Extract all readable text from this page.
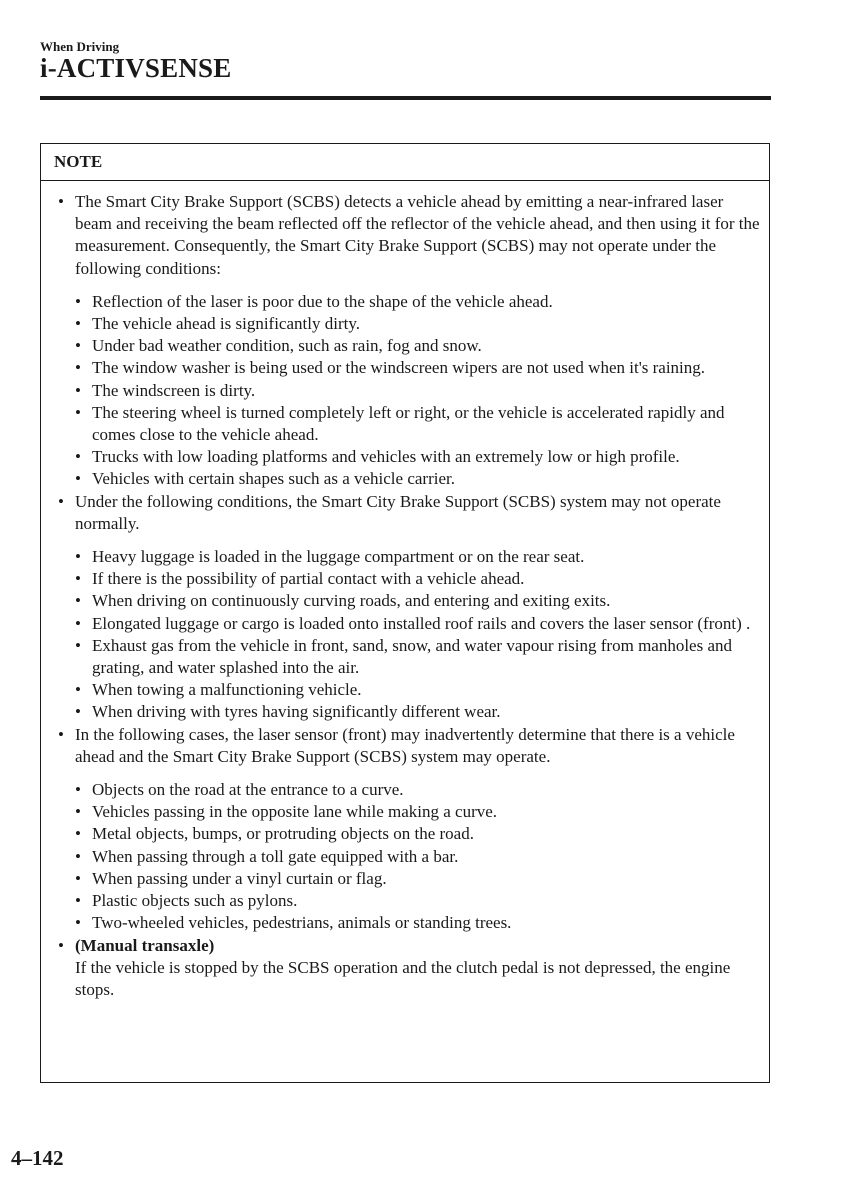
When Driving
i-ACTIVSENSE
NOTE
• The Smart City Brake Support (SCBS) detects a vehicle ahead by emitting a near-infrared laser beam and receiving the beam reflected off the reflector of the vehicle ahead, and then using it for the measurement. Consequently, the Smart City Brake Support (SCBS) may not operate under the following conditions:
• Reflection of the laser is poor due to the shape of the vehicle ahead.
• The vehicle ahead is significantly dirty.
• Under bad weather condition, such as rain, fog and snow.
• The window washer is being used or the windscreen wipers are not used when it's raining.
• The windscreen is dirty.
• The steering wheel is turned completely left or right, or the vehicle is accelerated rapidly and comes close to the vehicle ahead.
• Trucks with low loading platforms and vehicles with an extremely low or high profile.
• Vehicles with certain shapes such as a vehicle carrier.
• Under the following conditions, the Smart City Brake Support (SCBS) system may not operate normally.
• Heavy luggage is loaded in the luggage compartment or on the rear seat.
• If there is the possibility of partial contact with a vehicle ahead.
• When driving on continuously curving roads, and entering and exiting exits.
• Elongated luggage or cargo is loaded onto installed roof rails and covers the laser sensor (front) .
• Exhaust gas from the vehicle in front, sand, snow, and water vapour rising from manholes and grating, and water splashed into the air.
• When towing a malfunctioning vehicle.
• When driving with tyres having significantly different wear.
• In the following cases, the laser sensor (front) may inadvertently determine that there is a vehicle ahead and the Smart City Brake Support (SCBS) system may operate.
• Objects on the road at the entrance to a curve.
• Vehicles passing in the opposite lane while making a curve.
• Metal objects, bumps, or protruding objects on the road.
• When passing through a toll gate equipped with a bar.
• When passing under a vinyl curtain or flag.
• Plastic objects such as pylons.
• Two-wheeled vehicles, pedestrians, animals or standing trees.
• (Manual transaxle)
If the vehicle is stopped by the SCBS operation and the clutch pedal is not depressed, the engine stops.
4–142
